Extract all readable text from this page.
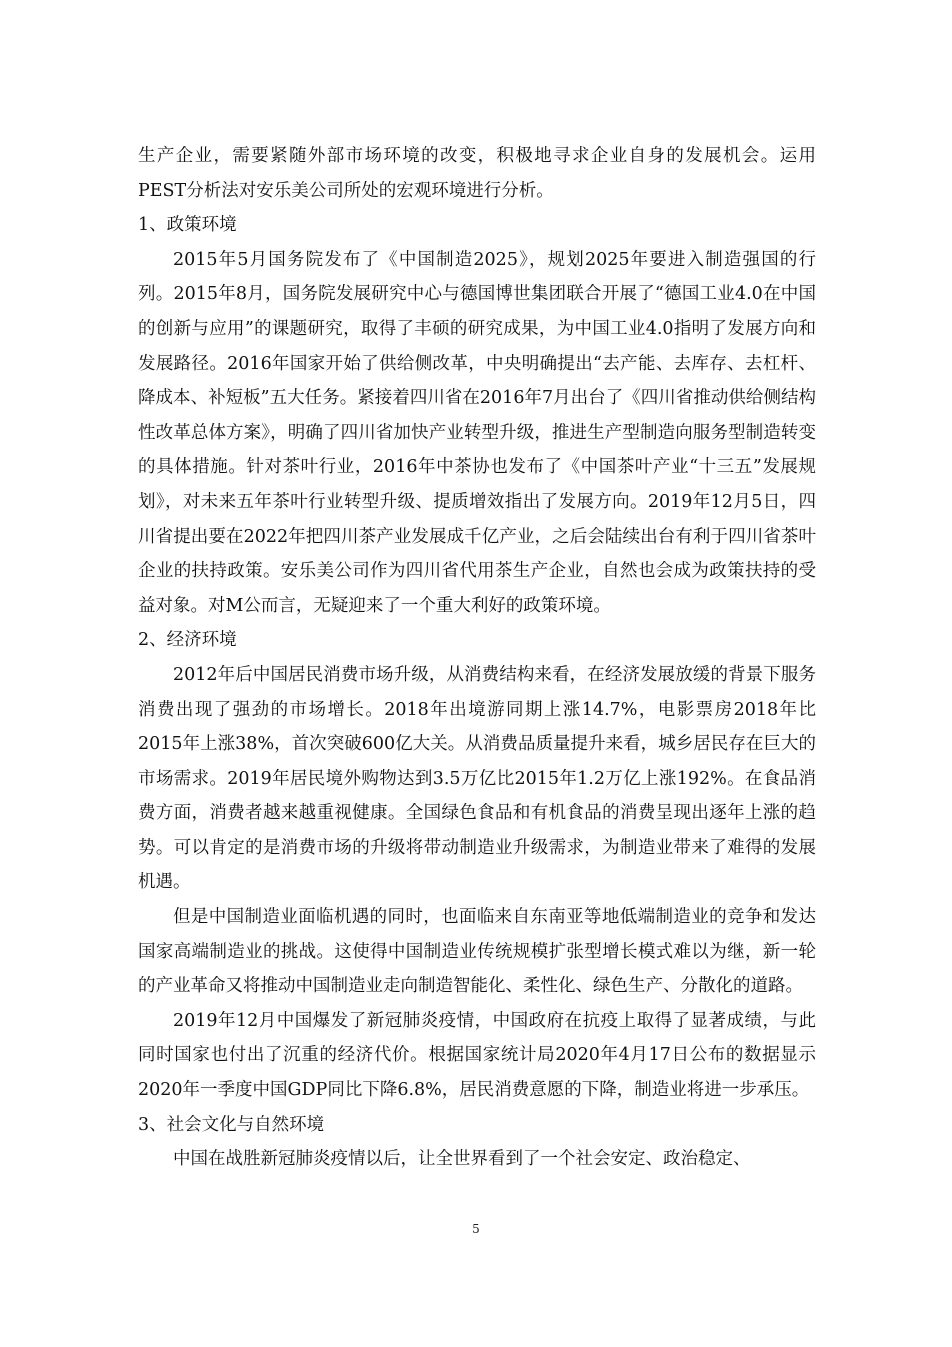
生产企业，需要紧随外部市场环境的改变，积极地寻求企业自身的发展机会。运用PEST分析法对安乐美公司所处的宏观环境进行分析。

1、政策环境

2015年5月国务院发布了《中国制造2025》，规划2025年要进入制造强国的行列。2015年8月，国务院发展研究中心与德国博世集团联合开展了“德国工业4.0在中国的创新与应用”的课题研究，取得了丰硕的研究成果，为中国工业4.0指明了发展方向和发展路径。2016年国家开始了供给侧改革，中央明确提出“去产能、去库存、去杠杆、降成本、补短板”五大任务。紧接着四川省在2016年7月出台了《四川省推动供给侧结构性改革总体方案》，明确了四川省加快产业转型升级，推进生产型制造向服务型制造转变的具体措施。针对茶叶行业，2016年中茶协也发布了《中国茶叶产业“十三五”发展规划》，对未来五年茶叶行业转型升级、提质增效指出了发展方向。2019年12月5日，四川省提出要在2022年把四川茶产业发展成千亿产业，之后会陆续出台有利于四川省茶叶企业的扶持政策。安乐美公司作为四川省代用茶生产企业，自然也会成为政策扶持的受益对象。对M公而言，无疑迎来了一个重大利好的政策环境。

2、经济环境

2012年后中国居民消费市场升级，从消费结构来看，在经济发展放缓的背景下服务消费出现了强劲的市场增长。2018年出境游同期上涨14.7%，电影票房2018年比2015年上涨38%，首次突破600亿大关。从消费品质量提升来看，城乡居民存在巨大的市场需求。2019年居民境外购物达到3.5万亿比2015年1.2万亿上涨192%。在食品消费方面，消费者越来越重视健康。全国绿色食品和有机食品的消费呈现出逐年上涨的趋势。可以肯定的是消费市场的升级将带动制造业升级需求，为制造业带来了难得的发展机遇。

但是中国制造业面临机遇的同时，也面临来自东南亚等地低端制造业的竞争和发达国家高端制造业的挑战。这使得中国制造业传统规模扩张型增长模式难以为继，新一轮的产业革命又将推动中国制造业走向制造智能化、柔性化、绿色生产、分散化的道路。

2019年12月中国爆发了新冠肺炎疫情，中国政府在抗疫上取得了显著成绩，与此同时国家也付出了沉重的经济代价。根据国家统计局2020年4月17日公布的数据显示2020年一季度中国GDP同比下降6.8%，居民消费意愿的下降，制造业将进一步承压。

3、社会文化与自然环境

中国在战胜新冠肺炎疫情以后，让全世界看到了一个社会安定、政治稳定、

5
